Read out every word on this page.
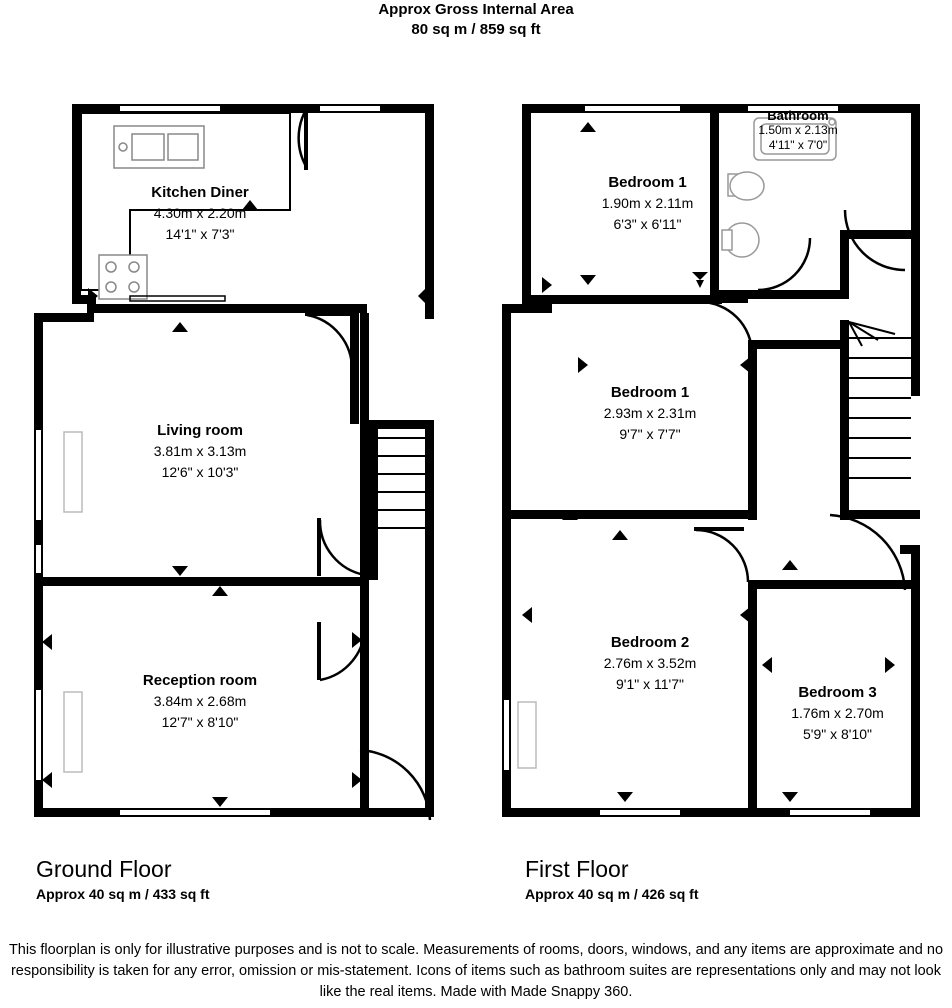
Approx Gross Internal Area
80 sq m / 859 sq ft
Kitchen Diner
4.30m x 2.20m
14'1" x 7'3"
Living room
3.81m x 3.13m
12'6" x 10'3"
Reception room
3.84m x 2.68m
12'7" x 8'10"
Bathroom
1.50m x 2.13m
4'11" x 7'0"
Bedroom 1
1.90m x 2.11m
6'3" x 6'11"
Bedroom 1
2.93m x 2.31m
9'7" x 7'7"
Bedroom 2
2.76m x 3.52m
9'1" x 11'7"	Bedroom 3
1.76m x 2.70m
5'9" x 8'10"
Ground Floor
Approx 40 sq m / 433 sq ft
First Floor
Approx 40 sq m / 426 sq ft
This floorplan is only for illustrative purposes and is not to scale. Measurements of rooms, doors, windows, and any items are approximate and no responsibility is taken for any error, omission or mis-statement. Icons of items such as bathroom suites are representations only and may not look like the real items. Made with Made Snappy 360.
